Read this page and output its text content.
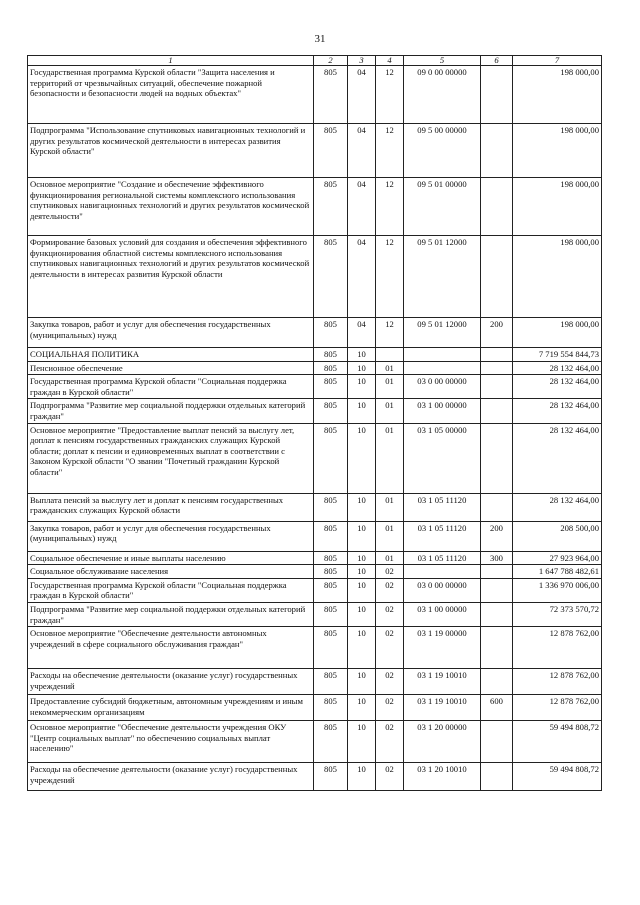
31
1	2	3	4	5	6	7
Государственная программа Курской области "Защита населения и территорий от чрезвычайных ситуаций, обеспечение пожарной безопасности и безопасности людей на водных объектах"	805	04	12	09 0 00 00000		198 000,00
Подпрограмма "Использование спутниковых навигационных технологий и других результатов космической деятельности в интересах развития Курской области"	805	04	12	09 5 00 00000		198 000,00
Основное мероприятие "Создание и обеспечение эффективного функционирования региональной системы комплексного использования спутниковых навигационных технологий и других результатов космической деятельности"	805	04	12	09 5 01 00000		198 000,00
Формирование базовых условий для создания и обеспечения эффективного функционирования областной системы комплексного использования спутниковых навигационных технологий и других результатов космической деятельности в интересах развития Курской области	805	04	12	09 5 01 12000		198 000,00
Закупка товаров, работ и услуг для обеспечения государственных (муниципальных) нужд	805	04	12	09 5 01 12000	200	198 000,00
СОЦИАЛЬНАЯ ПОЛИТИКА	805	10				7 719 554 844,73
Пенсионное обеспечение	805	10	01			28 132 464,00
Государственная программа Курской области "Социальная поддержка граждан в Курской области"	805	10	01	03 0 00 00000		28 132 464,00
Подпрограмма "Развитие мер социальной поддержки отдельных категорий граждан"	805	10	01	03 1 00 00000		28 132 464,00
Основное мероприятие "Предоставление выплат пенсий за выслугу лет, доплат к пенсиям государственных гражданских служащих Курской области; доплат к пенсии и единовременных выплат в соответствии с Законом Курской области "О звании "Почетный гражданин Курской области"	805	10	01	03 1 05 00000		28 132 464,00
Выплата пенсий за выслугу лет и доплат к пенсиям государственных гражданских служащих Курской области	805	10	01	03 1 05 11120		28 132 464,00
Закупка товаров, работ и услуг для обеспечения государственных (муниципальных) нужд	805	10	01	03 1 05 11120	200	208 500,00
Социальное обеспечение и иные выплаты населению	805	10	01	03 1 05 11120	300	27 923 964,00
Социальное обслуживание населения	805	10	02			1 647 788 482,61
Государственная программа Курской области "Социальная поддержка граждан в Курской области"	805	10	02	03 0 00 00000		1 336 970 006,00
Подпрограмма "Развитие мер социальной поддержки отдельных категорий граждан"	805	10	02	03 1 00 00000		72 373 570,72
Основное мероприятие "Обеспечение деятельности автономных учреждений в сфере социального обслуживания граждан"	805	10	02	03 1 19 00000		12 878 762,00
Расходы на обеспечение деятельности (оказание услуг) государственных учреждений	805	10	02	03 1 19 10010		12 878 762,00
Предоставление субсидий бюджетным, автономным учреждениям и иным некоммерческим организациям	805	10	02	03 1 19 10010	600	12 878 762,00
Основное мероприятие "Обеспечение деятельности учреждения ОКУ "Центр социальных выплат" по обеспечению социальных выплат населению"	805	10	02	03 1 20 00000		59 494 808,72
Расходы на обеспечение деятельности (оказание услуг) государственных учреждений	805	10	02	03 1 20 10010		59 494 808,72
